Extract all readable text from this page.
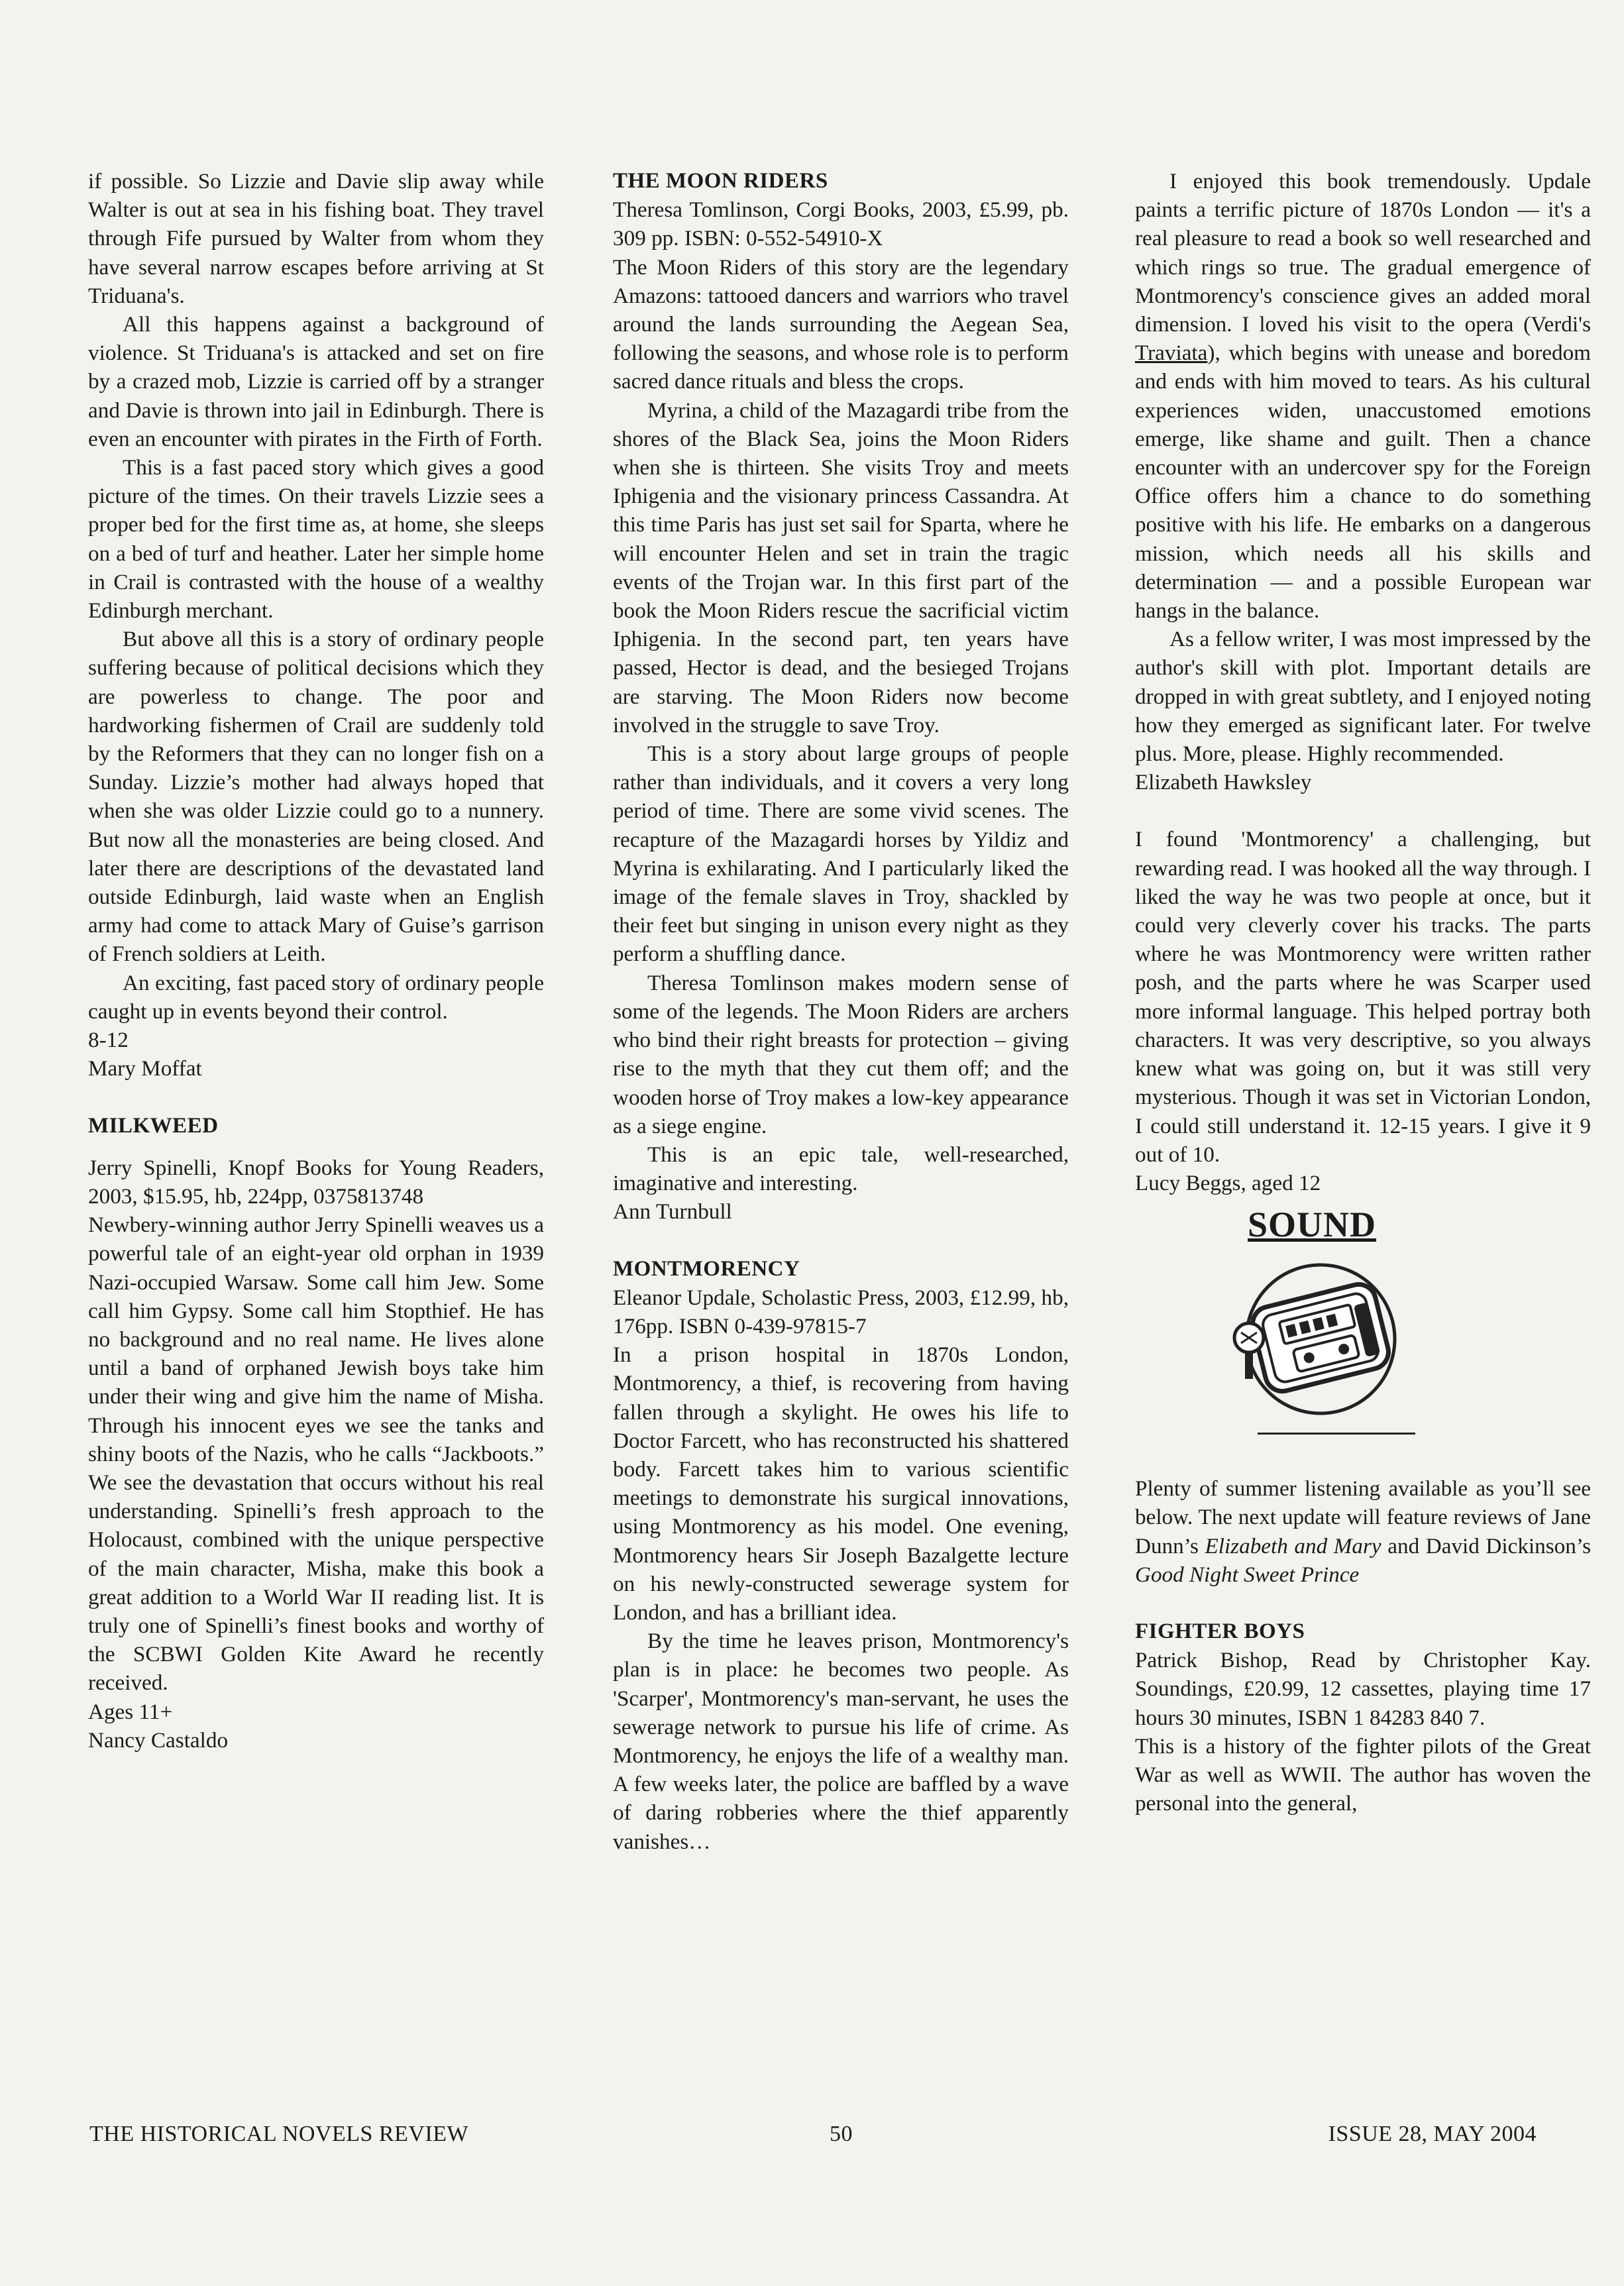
if possible. So Lizzie and Davie slip away while Walter is out at sea in his fishing boat. They travel through Fife pursued by Walter from whom they have several narrow escapes before arriving at St Triduana's.

All this happens against a background of violence. St Triduana's is attacked and set on fire by a crazed mob, Lizzie is carried off by a stranger and Davie is thrown into jail in Edinburgh. There is even an encounter with pirates in the Firth of Forth.

This is a fast paced story which gives a good picture of the times. On their travels Lizzie sees a proper bed for the first time as, at home, she sleeps on a bed of turf and heather. Later her simple home in Crail is contrasted with the house of a wealthy Edinburgh merchant.

But above all this is a story of ordinary people suffering because of political decisions which they are powerless to change. The poor and hardworking fishermen of Crail are suddenly told by the Reformers that they can no longer fish on a Sunday. Lizzie’s mother had always hoped that when she was older Lizzie could go to a nunnery. But now all the monasteries are being closed. And later there are descriptions of the devastated land outside Edinburgh, laid waste when an English army had come to attack Mary of Guise’s garrison of French soldiers at Leith.

An exciting, fast paced story of ordinary people caught up in events beyond their control.

8-12

Mary Moffat

MILKWEED

Jerry Spinelli, Knopf Books for Young Readers, 2003, $15.95, hb, 224pp, 0375813748

Newbery-winning author Jerry Spinelli weaves us a powerful tale of an eight-year old orphan in 1939 Nazi-occupied Warsaw. Some call him Jew. Some call him Gypsy. Some call him Stopthief. He has no background and no real name. He lives alone until a band of orphaned Jewish boys take him under their wing and give him the name of Misha. Through his innocent eyes we see the tanks and shiny boots of the Nazis, who he calls “Jackboots.” We see the devastation that occurs without his real understanding. Spinelli’s fresh approach to the Holocaust, combined with the unique perspective of the main character, Misha, make this book a great addition to a World War II reading list. It is truly one of Spinelli’s finest books and worthy of the SCBWI Golden Kite Award he recently received.

Ages 11+

Nancy Castaldo

THE MOON RIDERS

Theresa Tomlinson, Corgi Books, 2003, £5.99, pb. 309 pp. ISBN: 0-552-54910-X

The Moon Riders of this story are the legendary Amazons: tattooed dancers and warriors who travel around the lands surrounding the Aegean Sea, following the seasons, and whose role is to perform sacred dance rituals and bless the crops.

Myrina, a child of the Mazagardi tribe from the shores of the Black Sea, joins the Moon Riders when she is thirteen. She visits Troy and meets Iphigenia and the visionary princess Cassandra. At this time Paris has just set sail for Sparta, where he will encounter Helen and set in train the tragic events of the Trojan war. In this first part of the book the Moon Riders rescue the sacrificial victim Iphigenia. In the second part, ten years have passed, Hector is dead, and the besieged Trojans are starving. The Moon Riders now become involved in the struggle to save Troy.

This is a story about large groups of people rather than individuals, and it covers a very long period of time. There are some vivid scenes. The recapture of the Mazagardi horses by Yildiz and Myrina is exhilarating. And I particularly liked the image of the female slaves in Troy, shackled by their feet but singing in unison every night as they perform a shuffling dance.

Theresa Tomlinson makes modern sense of some of the legends. The Moon Riders are archers who bind their right breasts for protection – giving rise to the myth that they cut them off; and the wooden horse of Troy makes a low-key appearance as a siege engine.

This is an epic tale, well-researched, imaginative and interesting.

Ann Turnbull

MONTMORENCY

Eleanor Updale, Scholastic Press, 2003, £12.99, hb, 176pp. ISBN 0-439-97815-7

In a prison hospital in 1870s London, Montmorency, a thief, is recovering from having fallen through a skylight. He owes his life to Doctor Farcett, who has reconstructed his shattered body. Farcett takes him to various scientific meetings to demonstrate his surgical innovations, using Montmorency as his model. One evening, Montmorency hears Sir Joseph Bazalgette lecture on his newly-constructed sewerage system for London, and has a brilliant idea.

By the time he leaves prison, Montmorency's plan is in place: he becomes two people. As 'Scarper', Montmorency's man-servant, he uses the sewerage network to pursue his life of crime. As Montmorency, he enjoys the life of a wealthy man. A few weeks later, the police are baffled by a wave of daring robberies where the thief apparently vanishes…

I enjoyed this book tremendously. Updale paints a terrific picture of 1870s London — it's a real pleasure to read a book so well researched and which rings so true. The gradual emergence of Montmorency's conscience gives an added moral dimension. I loved his visit to the opera (Verdi's Traviata), which begins with unease and boredom and ends with him moved to tears. As his cultural experiences widen, unaccustomed emotions emerge, like shame and guilt. Then a chance encounter with an undercover spy for the Foreign Office offers him a chance to do something positive with his life. He embarks on a dangerous mission, which needs all his skills and determination — and a possible European war hangs in the balance.

As a fellow writer, I was most impressed by the author's skill with plot. Important details are dropped in with great subtlety, and I enjoyed noting how they emerged as significant later. For twelve plus. More, please. Highly recommended.

Elizabeth Hawksley

I found 'Montmorency' a challenging, but rewarding read. I was hooked all the way through. I liked the way he was two people at once, but it could very cleverly cover his tracks. The parts where he was Montmorency were written rather posh, and the parts where he was Scarper used more informal language. This helped portray both characters. It was very descriptive, so you always knew what was going on, but it was still very mysterious. Though it was set in Victorian London, I could still understand it. 12-15 years. I give it 9 out of 10.

Lucy Beggs, aged 12

SOUND

Plenty of summer listening available as you’ll see below. The next update will feature reviews of Jane Dunn’s Elizabeth and Mary and David Dickinson’s Good Night Sweet Prince

FIGHTER BOYS

Patrick Bishop, Read by Christopher Kay. Soundings, £20.99, 12 cassettes, playing time 17 hours 30 minutes, ISBN 1 84283 840 7.

This is a history of the fighter pilots of the Great War as well as WWII. The author has woven the personal into the general,

THE HISTORICAL NOVELS REVIEW	50	ISSUE 28, MAY 2004
